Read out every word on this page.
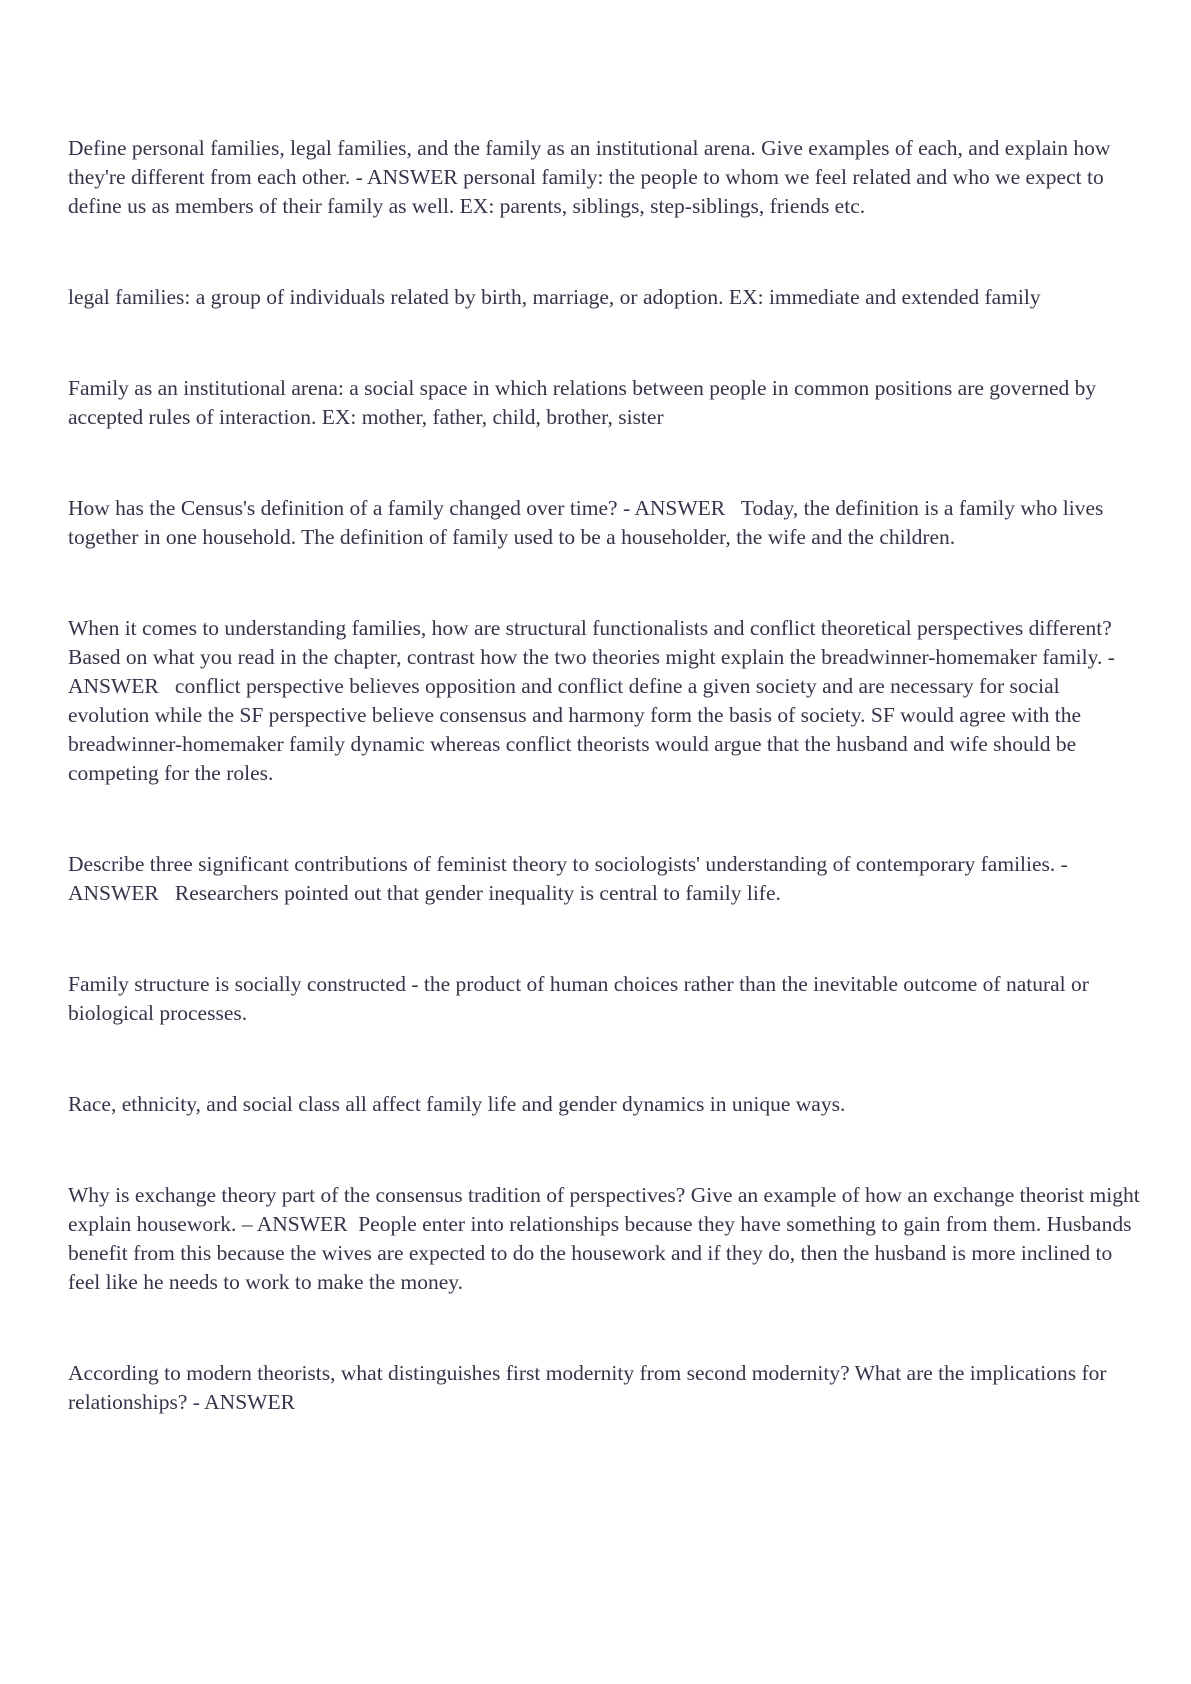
Define personal families, legal families, and the family as an institutional arena. Give examples of each, and explain how they're different from each other. - ANSWER personal family: the people to whom we feel related and who we expect to define us as members of their family as well. EX: parents, siblings, step-siblings, friends etc.

legal families: a group of individuals related by birth, marriage, or adoption. EX: immediate and extended family

Family as an institutional arena: a social space in which relations between people in common positions are governed by accepted rules of interaction. EX: mother, father, child, brother, sister

How has the Census's definition of a family changed over time? - ANSWER   Today, the definition is a family who lives together in one household. The definition of family used to be a householder, the wife and the children.

When it comes to understanding families, how are structural functionalists and conflict theoretical perspectives different? Based on what you read in the chapter, contrast how the two theories might explain the breadwinner-homemaker family. - ANSWER   conflict perspective believes opposition and conflict define a given society and are necessary for social evolution while the SF perspective believe consensus and harmony form the basis of society. SF would agree with the breadwinner-homemaker family dynamic whereas conflict theorists would argue that the husband and wife should be competing for the roles.

Describe three significant contributions of feminist theory to sociologists' understanding of contemporary families. - ANSWER   Researchers pointed out that gender inequality is central to family life.

Family structure is socially constructed - the product of human choices rather than the inevitable outcome of natural or biological processes.

Race, ethnicity, and social class all affect family life and gender dynamics in unique ways.

Why is exchange theory part of the consensus tradition of perspectives? Give an example of how an exchange theorist might explain housework. – ANSWER  People enter into relationships because they have something to gain from them. Husbands benefit from this because the wives are expected to do the housework and if they do, then the husband is more inclined to feel like he needs to work to make the money.

According to modern theorists, what distinguishes first modernity from second modernity? What are the implications for relationships? - ANSWER
